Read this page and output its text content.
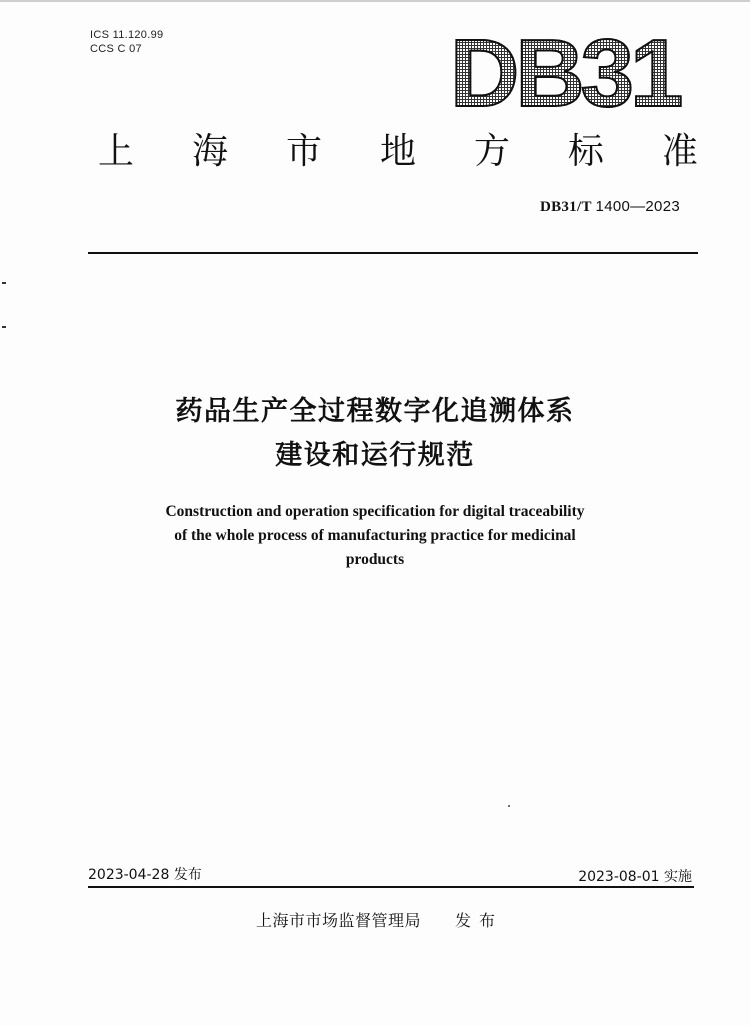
ICS 11.120.99
CCS C 07	DB31
上 海 市 地 方 标 准
DB31/T 1400—2023
药品生产全过程数字化追溯体系
建设和运行规范
Construction and operation specification for digital traceability
of the whole process of manufacturing practice for medicinal
products
2023-04-28 发布	2023-08-01 实施
上海市市场监督管理局 发布
